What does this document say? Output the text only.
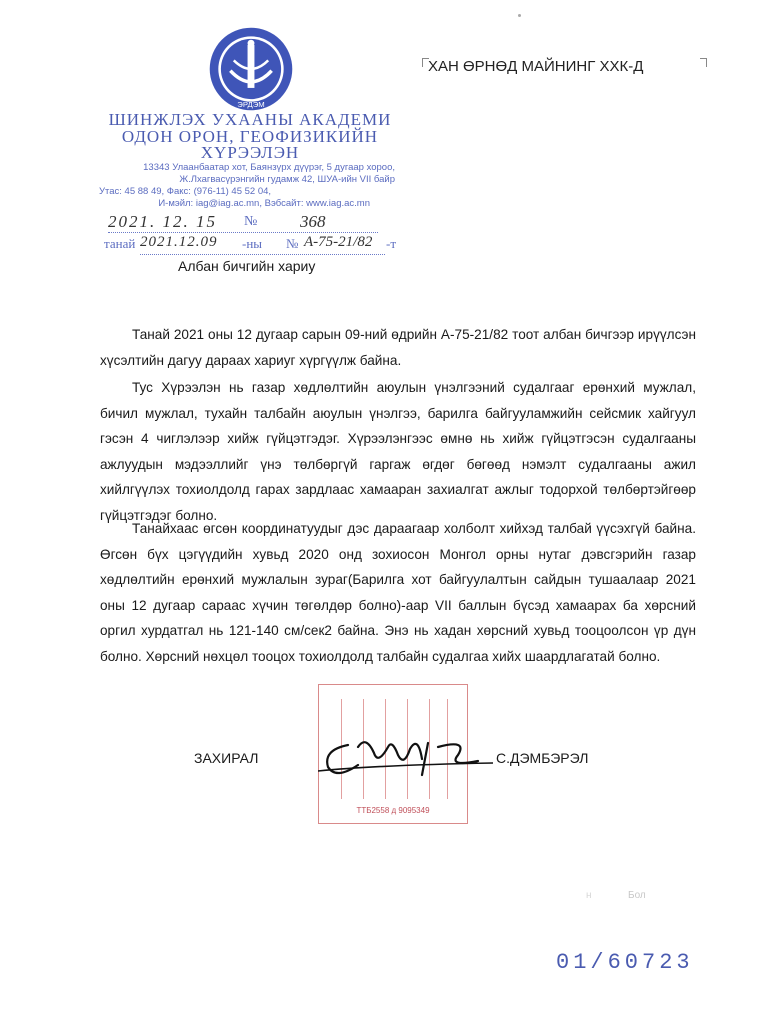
ЭРДЭМ
ШИНЖЛЭХ УХААНЫ АКАДЕМИ
ОДОН ОРОН, ГЕОФИЗИКИЙН
ХҮРЭЭЛЭН
13343 Улаанбаатар хот, Баянзүрх дүүрэг, 5 дугаар хороо,
Ж.Лхагвасүрэнгийн гудамж 42, ШУА-ийн VII байр
Утас: 45 88 49, Факс: (976-11) 45 52 04,
И-мэйл: iag@iag.ac.mn, Вэбсайт: www.iag.ac.mn
ХАН ӨРНӨД МАЙНИНГ ХХК-Д
2021. 12. 15 №	368
танай 2021.12.09 -ны № А-75-21/82 -т
Албан бичгийн хариу
Танай 2021 оны 12 дугаар сарын 09-ний өдрийн А-75-21/82 тоот албан бичгээр ирүүлсэн хүсэлтийн дагуу дараах хариуг хүргүүлж байна.
Тус Хүрээлэн нь газар хөдлөлтийн аюулын үнэлгээний судалгааг ерөнхий мужлал, бичил мужлал, тухайн талбайн аюулын үнэлгээ, барилга байгууламжийн сейсмик хайгуул гэсэн 4 чиглэлээр хийж гүйцэтгэдэг. Хүрээлэнгээс өмнө нь хийж гүйцэтгэсэн судалгааны ажлуудын мэдээллийг үнэ төлбөргүй гаргаж өгдөг бөгөөд нэмэлт судалгааны ажил хийлгүүлэх тохиолдолд гарах зардлаас хамааран захиалгат ажлыг тодорхой төлбөртэйгөөр гүйцэтгэдэг болно.
Танайхаас өгсөн координатуудыг дэс дараагаар холболт хийхэд талбай үүсэхгүй байна. Өгсөн бүх цэгүүдийн хувьд 2020 онд зохиосон Монгол орны нутаг дэвсгэрийн газар хөдлөлтийн ерөнхий мужлалын зураг(Барилга хот байгуулалтын сайдын тушаалаар 2021 оны 12 дугаар сараас хүчин төгөлдөр болно)-аар VII баллын бүсэд хамаарах ба хөрсний оргил хурдатгал нь 121-140 см/сек2 байна. Энэ нь хадан хөрсний хувьд тооцоолсон үр дүн болно. Хөрсний нөхцөл тооцох тохиолдолд талбайн судалгаа хийх шаардлагатай болно.
ТТБ2558 д 9095349
ЗАХИРАЛ	С.ДЭМБЭРЭЛ
н	Бол
01/60723
